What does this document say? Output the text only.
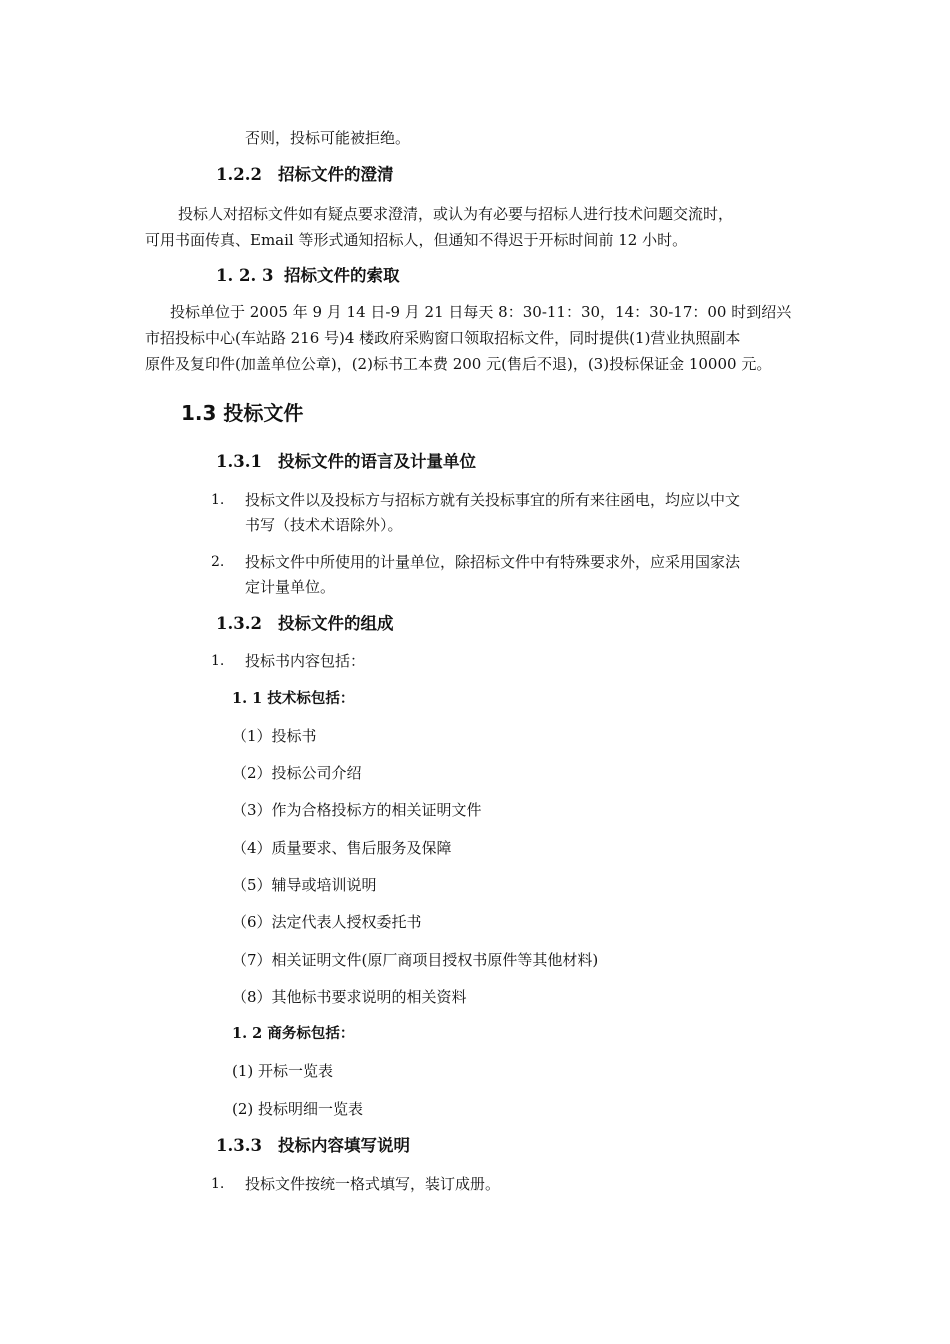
否则，投标可能被拒绝。
1.2.2 招标文件的澄清
投标人对招标文件如有疑点要求澄清，或认为有必要与招标人进行技术问题交流时，
可用书面传真、Email 等形式通知招标人，但通知不得迟于开标时间前 12 小时。
1. 2. 3 招标文件的索取
投标单位于 2005 年 9 月 14 日-9 月 21 日每天 8：30-11：30，14：30-17：00 时到绍兴
市招投标中心(车站路 216 号)4 楼政府采购窗口领取招标文件，同时提供(1)营业执照副本
原件及复印件(加盖单位公章)，(2)标书工本费 200 元(售后不退)，(3)投标保证金 10000 元。
1.3 投标文件
1.3.1 投标文件的语言及计量单位
1. 投标文件以及投标方与招标方就有关投标事宜的所有来往函电，均应以中文
书写（技术术语除外）。
2. 投标文件中所使用的计量单位，除招标文件中有特殊要求外，应采用国家法
定计量单位。
1.3.2 投标文件的组成
1. 投标书内容包括：
1. 1 技术标包括：
（1）投标书
（2）投标公司介绍
（3）作为合格投标方的相关证明文件
（4）质量要求、售后服务及保障
（5）辅导或培训说明
（6）法定代表人授权委托书
（7）相关证明文件(原厂商项目授权书原件等其他材料)
（8）其他标书要求说明的相关资料
1. 2 商务标包括：
(1) 开标一览表
(2) 投标明细一览表
1.3.3 投标内容填写说明
1. 投标文件按统一格式填写，装订成册。
